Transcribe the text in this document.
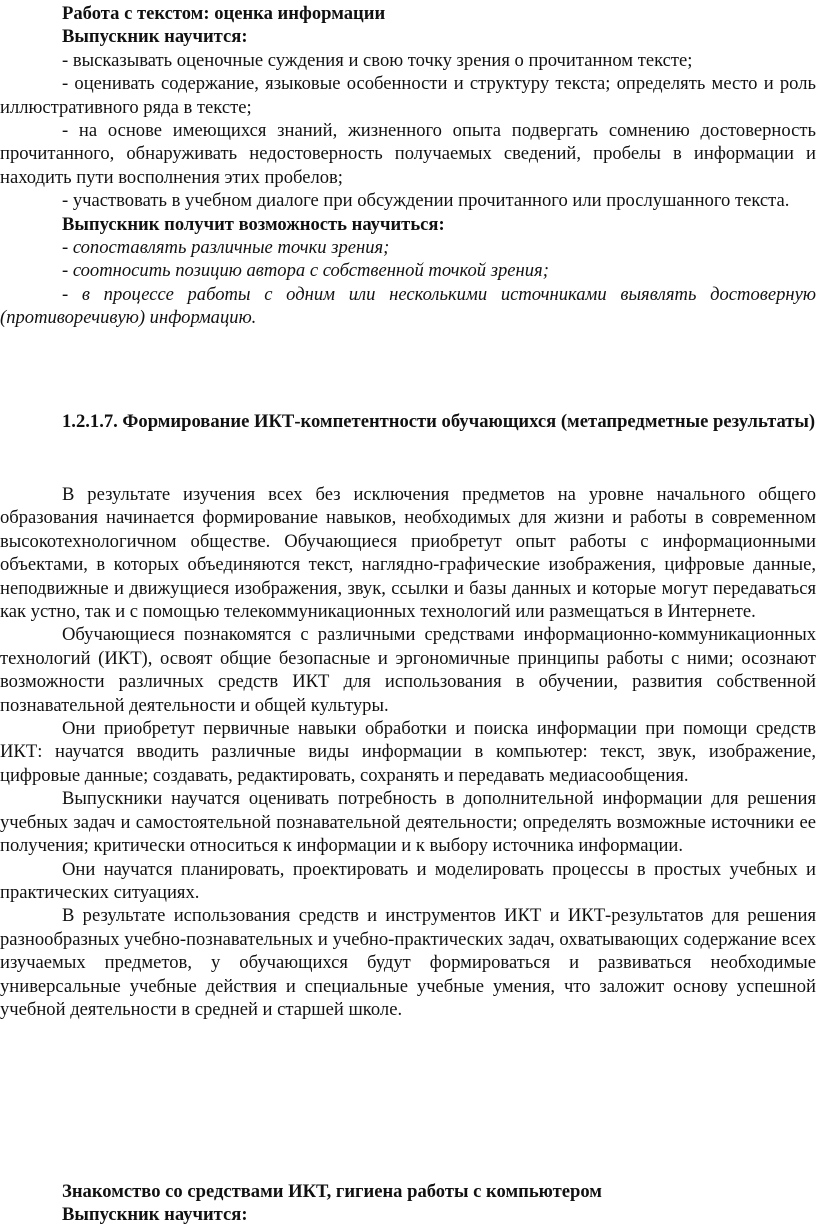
Работа с текстом: оценка информации

Выпускник научится:

- высказывать оценочные суждения и свою точку зрения о прочитанном тексте;

- оценивать содержание, языковые особенности и структуру текста; определять место и роль иллюстративного ряда в тексте;

- на основе имеющихся знаний, жизненного опыта подвергать сомнению достоверность прочитанного, обнаруживать недостоверность получаемых сведений, пробелы в информации и находить пути восполнения этих пробелов;

- участвовать в учебном диалоге при обсуждении прочитанного или прослушанного текста.

Выпускник получит возможность научиться:

- сопоставлять различные точки зрения;

- соотносить позицию автора с собственной точкой зрения;

- в процессе работы с одним или несколькими источниками выявлять достоверную (противоречивую) информацию.

1.2.1.7. Формирование ИКТ-компетентности обучающихся (метапредметные результаты)

В результате изучения всех без исключения предметов на уровне начального общего образования начинается формирование навыков, необходимых для жизни и работы в современном высокотехнологичном обществе. Обучающиеся приобретут опыт работы с информационными объектами, в которых объединяются текст, наглядно-графические изображения, цифровые данные, неподвижные и движущиеся изображения, звук, ссылки и базы данных и которые могут передаваться как устно, так и с помощью телекоммуникационных технологий или размещаться в Интернете.

Обучающиеся познакомятся с различными средствами информационно-коммуникационных технологий (ИКТ), освоят общие безопасные и эргономичные принципы работы с ними; осознают возможности различных средств ИКТ для использования в обучении, развития собственной познавательной деятельности и общей культуры.

Они приобретут первичные навыки обработки и поиска информации при помощи средств ИКТ: научатся вводить различные виды информации в компьютер: текст, звук, изображение, цифровые данные; создавать, редактировать, сохранять и передавать медиасообщения.

Выпускники научатся оценивать потребность в дополнительной информации для решения учебных задач и самостоятельной познавательной деятельности; определять возможные источники ее получения; критически относиться к информации и к выбору источника информации.

Они научатся планировать, проектировать и моделировать процессы в простых учебных и практических ситуациях.

В результате использования средств и инструментов ИКТ и ИКТ-результатов для решения разнообразных учебно-познавательных и учебно-практических задач, охватывающих содержание всех изучаемых предметов, у обучающихся будут формироваться и развиваться необходимые универсальные учебные действия и специальные учебные умения, что заложит основу успешной учебной деятельности в средней и старшей школе.

Знакомство со средствами ИКТ, гигиена работы с компьютером

Выпускник научится:
